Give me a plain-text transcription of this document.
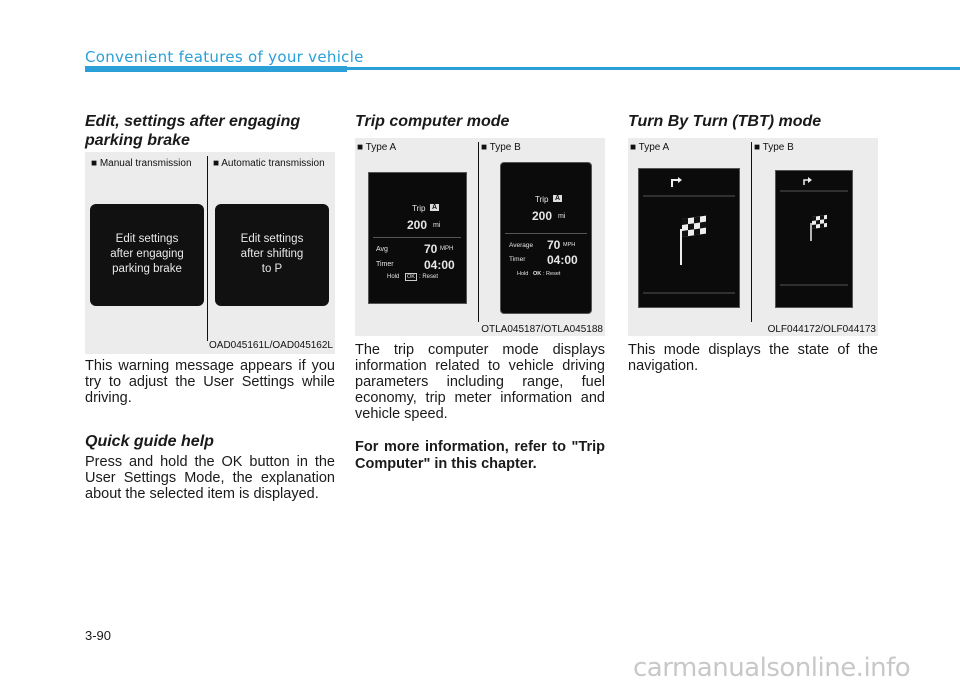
Convenient features of your vehicle
Edit, settings after engaging
parking brake
■ Manual transmission ■ Automatic transmission
Edit settings
after engaging
parking brake
Edit settings
after shifting
to P
OAD045161L/OAD045162L
This warning message appears if you try to adjust the User Settings while driving.
Quick guide help
Press and hold the OK button in the User Settings Mode, the explanation about the selected item is displayed.
Trip computer mode
■ Type A	■ Type B
Trip A
200 mi
Avg	70 MPH
Timer	04:00
Hold	OK : Reset
Trip A
200 mi
Average 70 MPH
Timer 04:00
Hold OK : Reset
OTLA045187/OTLA045188
The trip computer mode displays information related to vehicle driving parameters including range, fuel economy, trip meter information and vehicle speed.
For more information, refer to "Trip Computer" in this chapter.
Turn By Turn (TBT) mode
■ Type A	■ Type B
OLF044172/OLF044173
This mode displays the state of the navigation.
3-90
carmanualsonline.info
